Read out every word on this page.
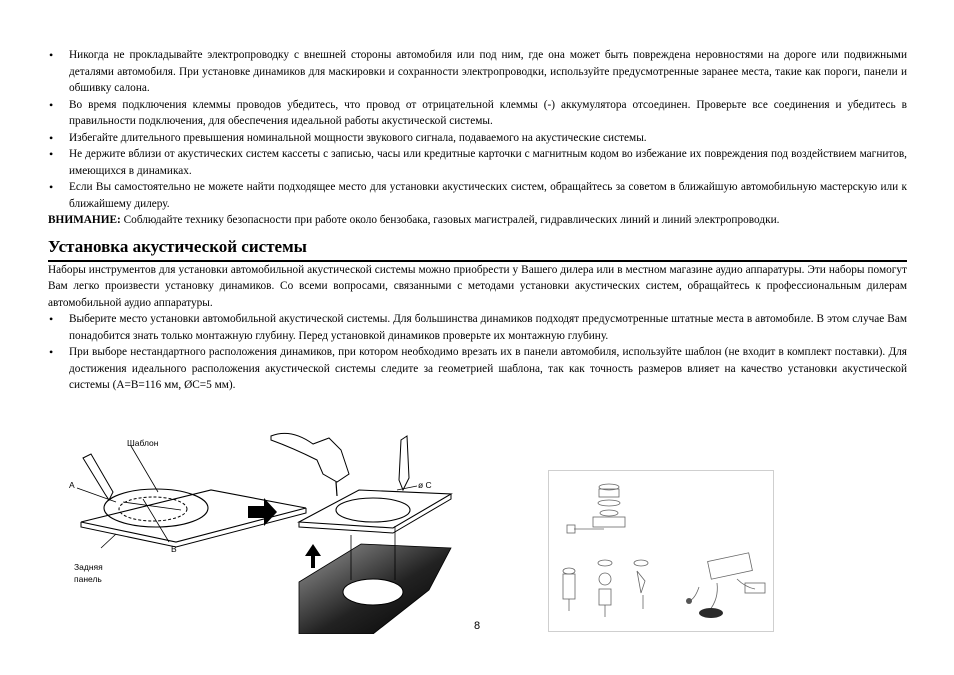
• Никогда не прокладывайте электропроводку с внешней стороны автомобиля или под ним, где она может быть повреждена неровностями на дороге или подвижными деталями автомобиля. При установке динамиков для маскировки и сохранности электропроводки, используйте предусмотренные заранее места, такие как пороги, панели и обшивку салона.
• Во время подключения клеммы проводов убедитесь, что провод от отрицательной клеммы (-) аккумулятора отсоединен. Проверьте все соединения и убедитесь в правильности подключения, для обеспечения идеальной работы акустической системы.
• Избегайте длительного превышения номинальной мощности звукового сигнала, подаваемого на акустические системы.
• Не держите вблизи от акустических систем кассеты с записью, часы или кредитные карточки с магнитным кодом во избежание их повреждения под воздействием магнитов, имеющихся в динамиках.
• Если Вы самостоятельно не можете найти подходящее место для установки акустических систем, обращайтесь за советом в ближайшую автомобильную мастерскую или к ближайшему дилеру.

ВНИМАНИЕ: Соблюдайте технику безопасности при работе около бензобака, газовых магистралей, гидравлических линий и линий электропроводки.

Установка акустической системы

Наборы инструментов для установки автомобильной акустической системы можно приобрести у Вашего дилера или в местном магазине аудио аппаратуры. Эти наборы помогут Вам легко произвести установку динамиков. Со всеми вопросами, связанными с методами установки акустических систем, обращайтесь к профессиональным дилерам автомобильной аудио аппаратуры.

• Выберите место установки автомобильной акустической системы. Для большинства динамиков подходят предусмотренные штатные места в автомобиле. В этом случае Вам понадобится знать только монтажную глубину. Перед установкой динамиков проверьте их монтажную глубину.
• При выборе нестандартного расположения динамиков, при котором необходимо врезать их в панели автомобиля, используйте шаблон (не входит в комплект поставки). Для достижения идеального расположения акустической системы следите за геометрией шаблона, так как точность размеров влияет на качество установки акустической системы (A=B=116 мм, ØC=5 мм).
Шаблон
A
B
Задняя
панель
ø C
8
